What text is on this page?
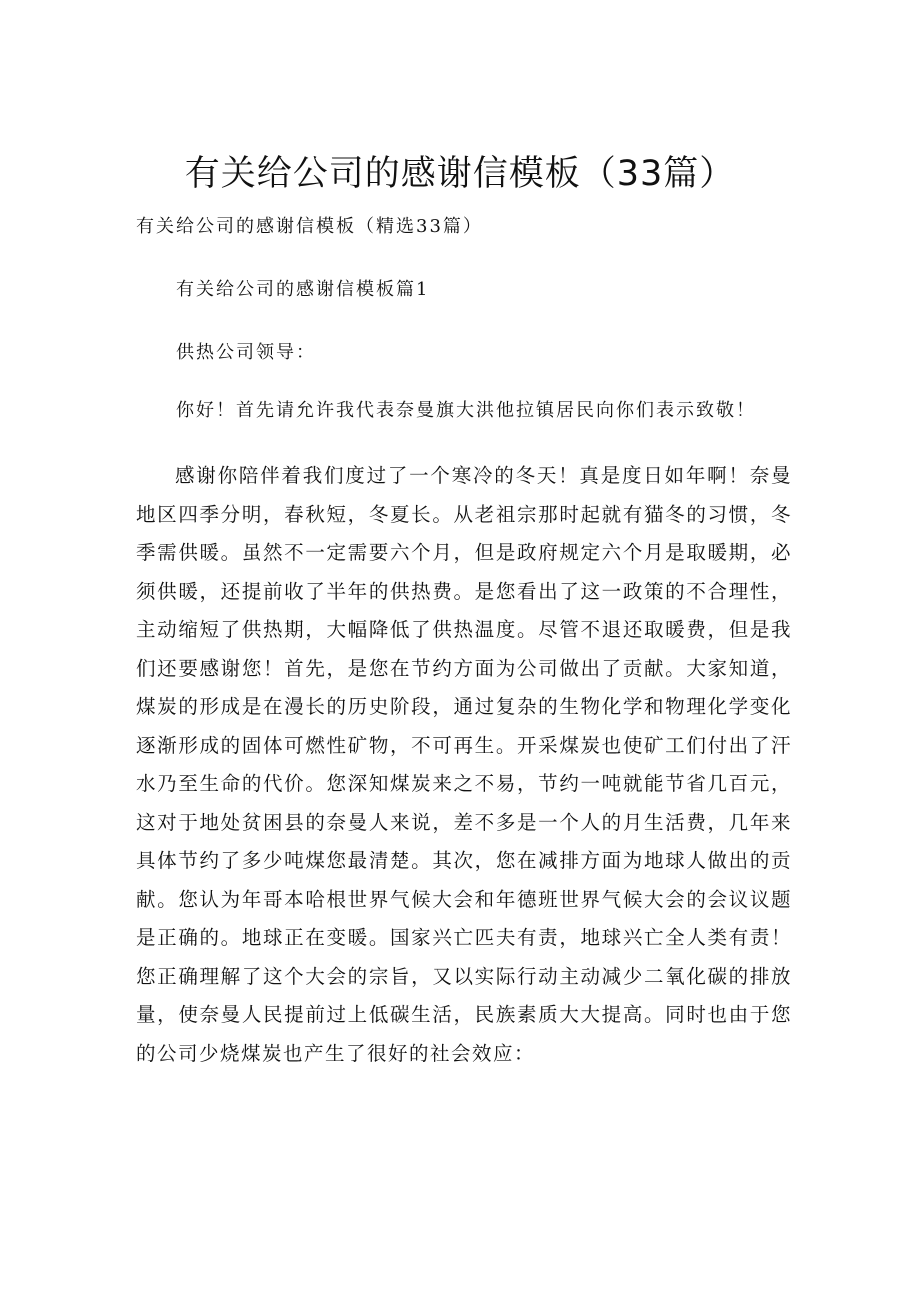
有关给公司的感谢信模板（33篇）

有关给公司的感谢信模板（精选33篇）

有关给公司的感谢信模板篇1

供热公司领导：

你好！首先请允许我代表奈曼旗大洪他拉镇居民向你们表示致敬！

感谢你陪伴着我们度过了一个寒冷的冬天！真是度日如年啊！奈曼地区四季分明，春秋短，冬夏长。从老祖宗那时起就有猫冬的习惯，冬季需供暖。虽然不一定需要六个月，但是政府规定六个月是取暖期，必须供暖，还提前收了半年的供热费。是您看出了这一政策的不合理性，主动缩短了供热期，大幅降低了供热温度。尽管不退还取暖费，但是我们还要感谢您！首先，是您在节约方面为公司做出了贡献。大家知道，煤炭的形成是在漫长的历史阶段，通过复杂的生物化学和物理化学变化逐渐形成的固体可燃性矿物，不可再生。开采煤炭也使矿工们付出了汗水乃至生命的代价。您深知煤炭来之不易，节约一吨就能节省几百元，这对于地处贫困县的奈曼人来说，差不多是一个人的月生活费，几年来具体节约了多少吨煤您最清楚。其次，您在减排方面为地球人做出的贡献。您认为年哥本哈根世界气候大会和年德班世界气候大会的会议议题是正确的。地球正在变暖。国家兴亡匹夫有责，地球兴亡全人类有责！您正确理解了这个大会的宗旨，又以实际行动主动减少二氧化碳的排放量，使奈曼人民提前过上低碳生活，民族素质大大提高。同时也由于您的公司少烧煤炭也产生了很好的社会效应：
